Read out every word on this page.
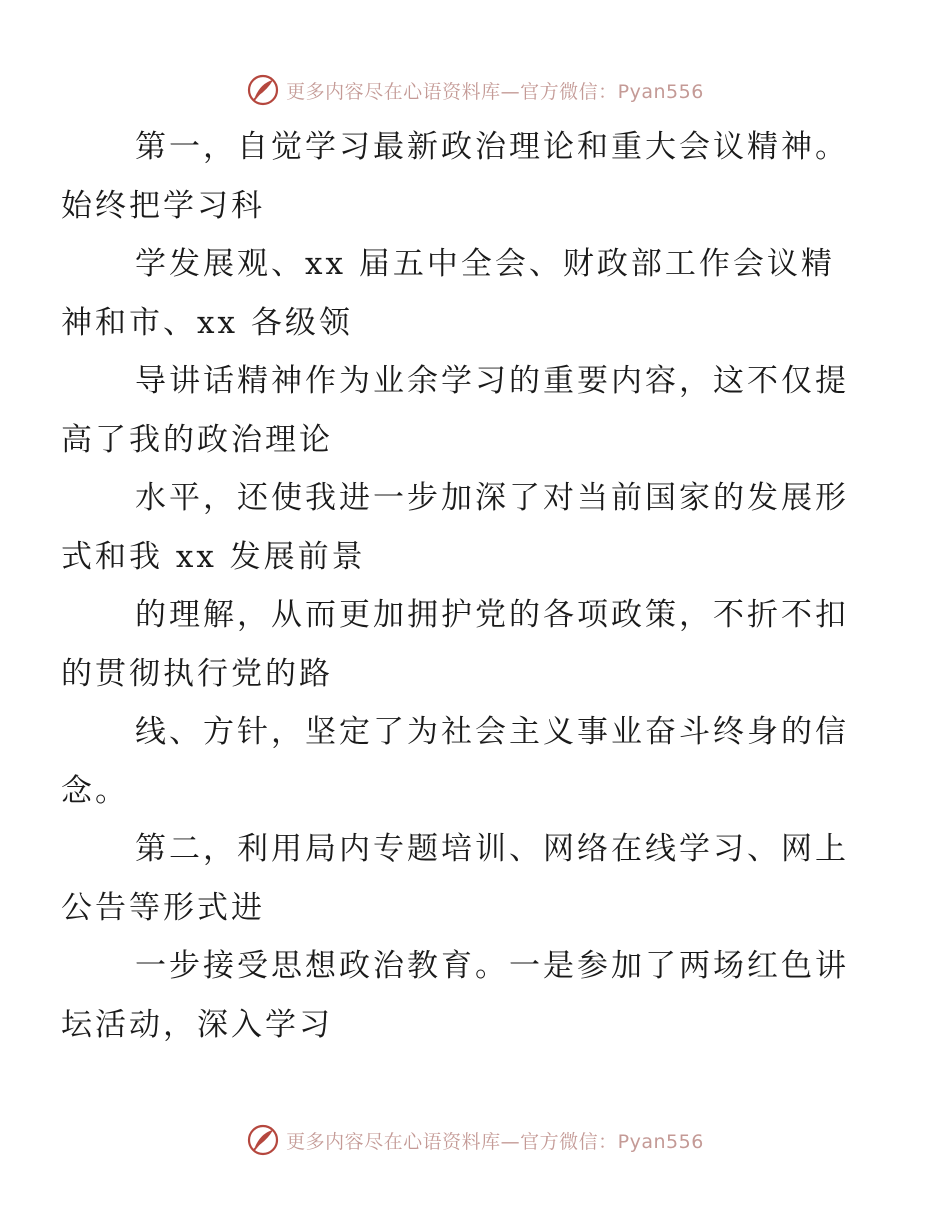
更多内容尽在心语资料库—官方微信：Pyan556

第一，自觉学习最新政治理论和重大会议精神。
始终把学习科

学发展观、xx 届五中全会、财政部工作会议精
神和市、xx 各级领

导讲话精神作为业余学习的重要内容，这不仅提
高了我的政治理论

水平，还使我进一步加深了对当前国家的发展形
式和我 xx 发展前景

的理解，从而更加拥护党的各项政策，不折不扣
的贯彻执行党的路

线、方针，坚定了为社会主义事业奋斗终身的信
念。

第二，利用局内专题培训、网络在线学习、网上
公告等形式进

一步接受思想政治教育。一是参加了两场红色讲
坛活动，深入学习

更多内容尽在心语资料库—官方微信：Pyan556
